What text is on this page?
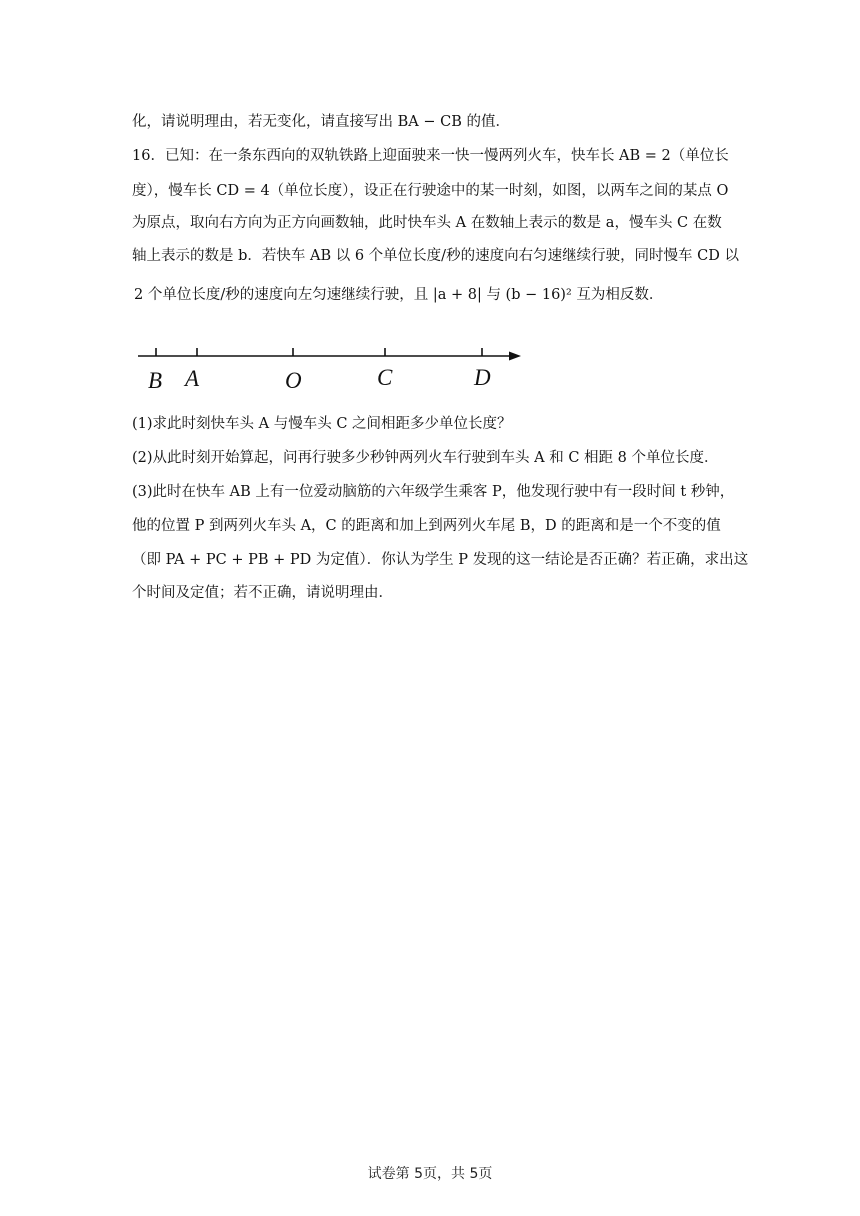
化，请说明理由，若无变化，请直接写出 BA − CB 的值．
16．已知：在一条东西向的双轨铁路上迎面驶来一快一慢两列火车，快车长 AB = 2（单位长
度），慢车长 CD = 4（单位长度），设正在行驶途中的某一时刻，如图，以两车之间的某点 O
为原点，取向右方向为正方向画数轴，此时快车头 A 在数轴上表示的数是 a，慢车头 C 在数
轴上表示的数是 b．若快车 AB 以 6 个单位长度/秒的速度向右匀速继续行驶，同时慢车 CD 以
2 个单位长度/秒的速度向左匀速继续行驶，且 |a + 8| 与 (b − 16)² 互为相反数．
B A	O	C	D
(1)求此时刻快车头 A 与慢车头 C 之间相距多少单位长度？
(2)从此时刻开始算起，问再行驶多少秒钟两列火车行驶到车头 A 和 C 相距 8 个单位长度．
(3)此时在快车 AB 上有一位爱动脑筋的六年级学生乘客 P，他发现行驶中有一段时间 t 秒钟，
他的位置 P 到两列火车头 A，C 的距离和加上到两列火车尾 B，D 的距离和是一个不变的值
（即 PA + PC + PB + PD 为定值）．你认为学生 P 发现的这一结论是否正确？若正确，求出这
个时间及定值；若不正确，请说明理由．
试卷第 5页，共 5页
